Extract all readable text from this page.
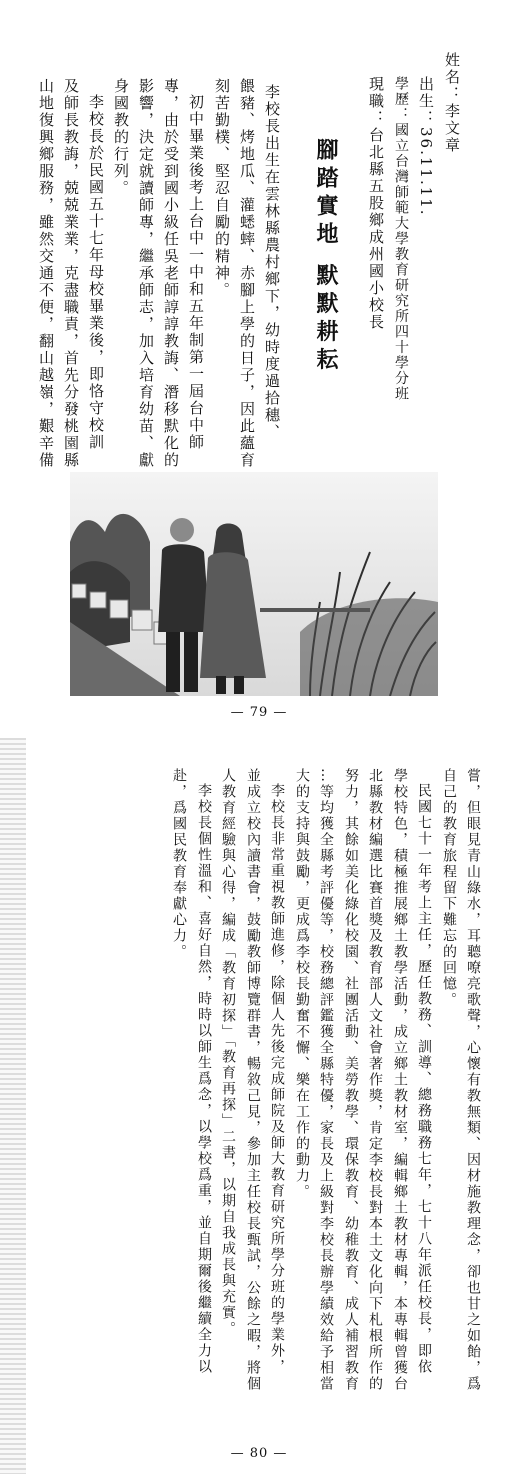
姓名：李文章
出生：36.11.11.
學歷：國立台灣師範大學教育研究所四十學分班
現職：台北縣五股鄉成州國小校長
腳踏實地 默默耕耘
李校長出生在雲林縣農村鄉下，幼時度過拾穗、
餵豬、烤地瓜、灌蟋蟀、赤腳上學的日子，因此蘊育
刻苦勤樸、堅忍自勵的精神。
初中畢業後考上台中一中和五年制第一屆台中師
專，由於受到國小級任吳老師諄諄教誨、潛移默化的
影響，決定就讀師專，繼承師志，加入培育幼苗、獻
身國教的行列。
李校長於民國五十七年母校畢業後，即恪守校訓
及師長教誨，兢兢業業，克盡職責，首先分發桃園縣
山地復興鄉服務，雖然交通不便，翻山越嶺，艱辛備
— 79 —
嘗，但眼見青山綠水，耳聽嘹亮歌聲，心懷有教無類、因材施教理念，卻也甘之如飴，爲
自己的教育旅程留下難忘的回憶。
民國七十一年考上主任，歷任教務、訓導、總務職務七年，七十八年派任校長，即依
學校特色，積極推展鄉土教學活動，成立鄉土教材室，編輯鄉土教材專輯，本專輯曾獲台
北縣教材編選比賽首獎及教育部人文社會著作獎，肯定李校長對本土文化向下札根所作的
努力，其餘如美化綠化校園、社團活動、美勞教學、環保教育、幼稚教育、成人補習教育
…等均獲全縣考評優等，校務總評鑑獲全縣特優，家長及上級對李校長辦學績效給予相當
大的支持與鼓勵，更成爲李校長勤奮不懈、樂在工作的動力。
李校長非常重視教師進修，除個人先後完成師院及師大教育研究所學分班的學業外，
並成立校內讀書會，鼓勵教師博覽群書，暢敘己見，參加主任校長甄試，公餘之暇，將個
人教育經驗與心得，編成「教育初探」「教育再探」二書，以期自我成長與充實。
李校長個性溫和、喜好自然，時時以師生爲念，以學校爲重，並自期爾後繼續全力以
赴，爲國民教育奉獻心力。
— 80 —
